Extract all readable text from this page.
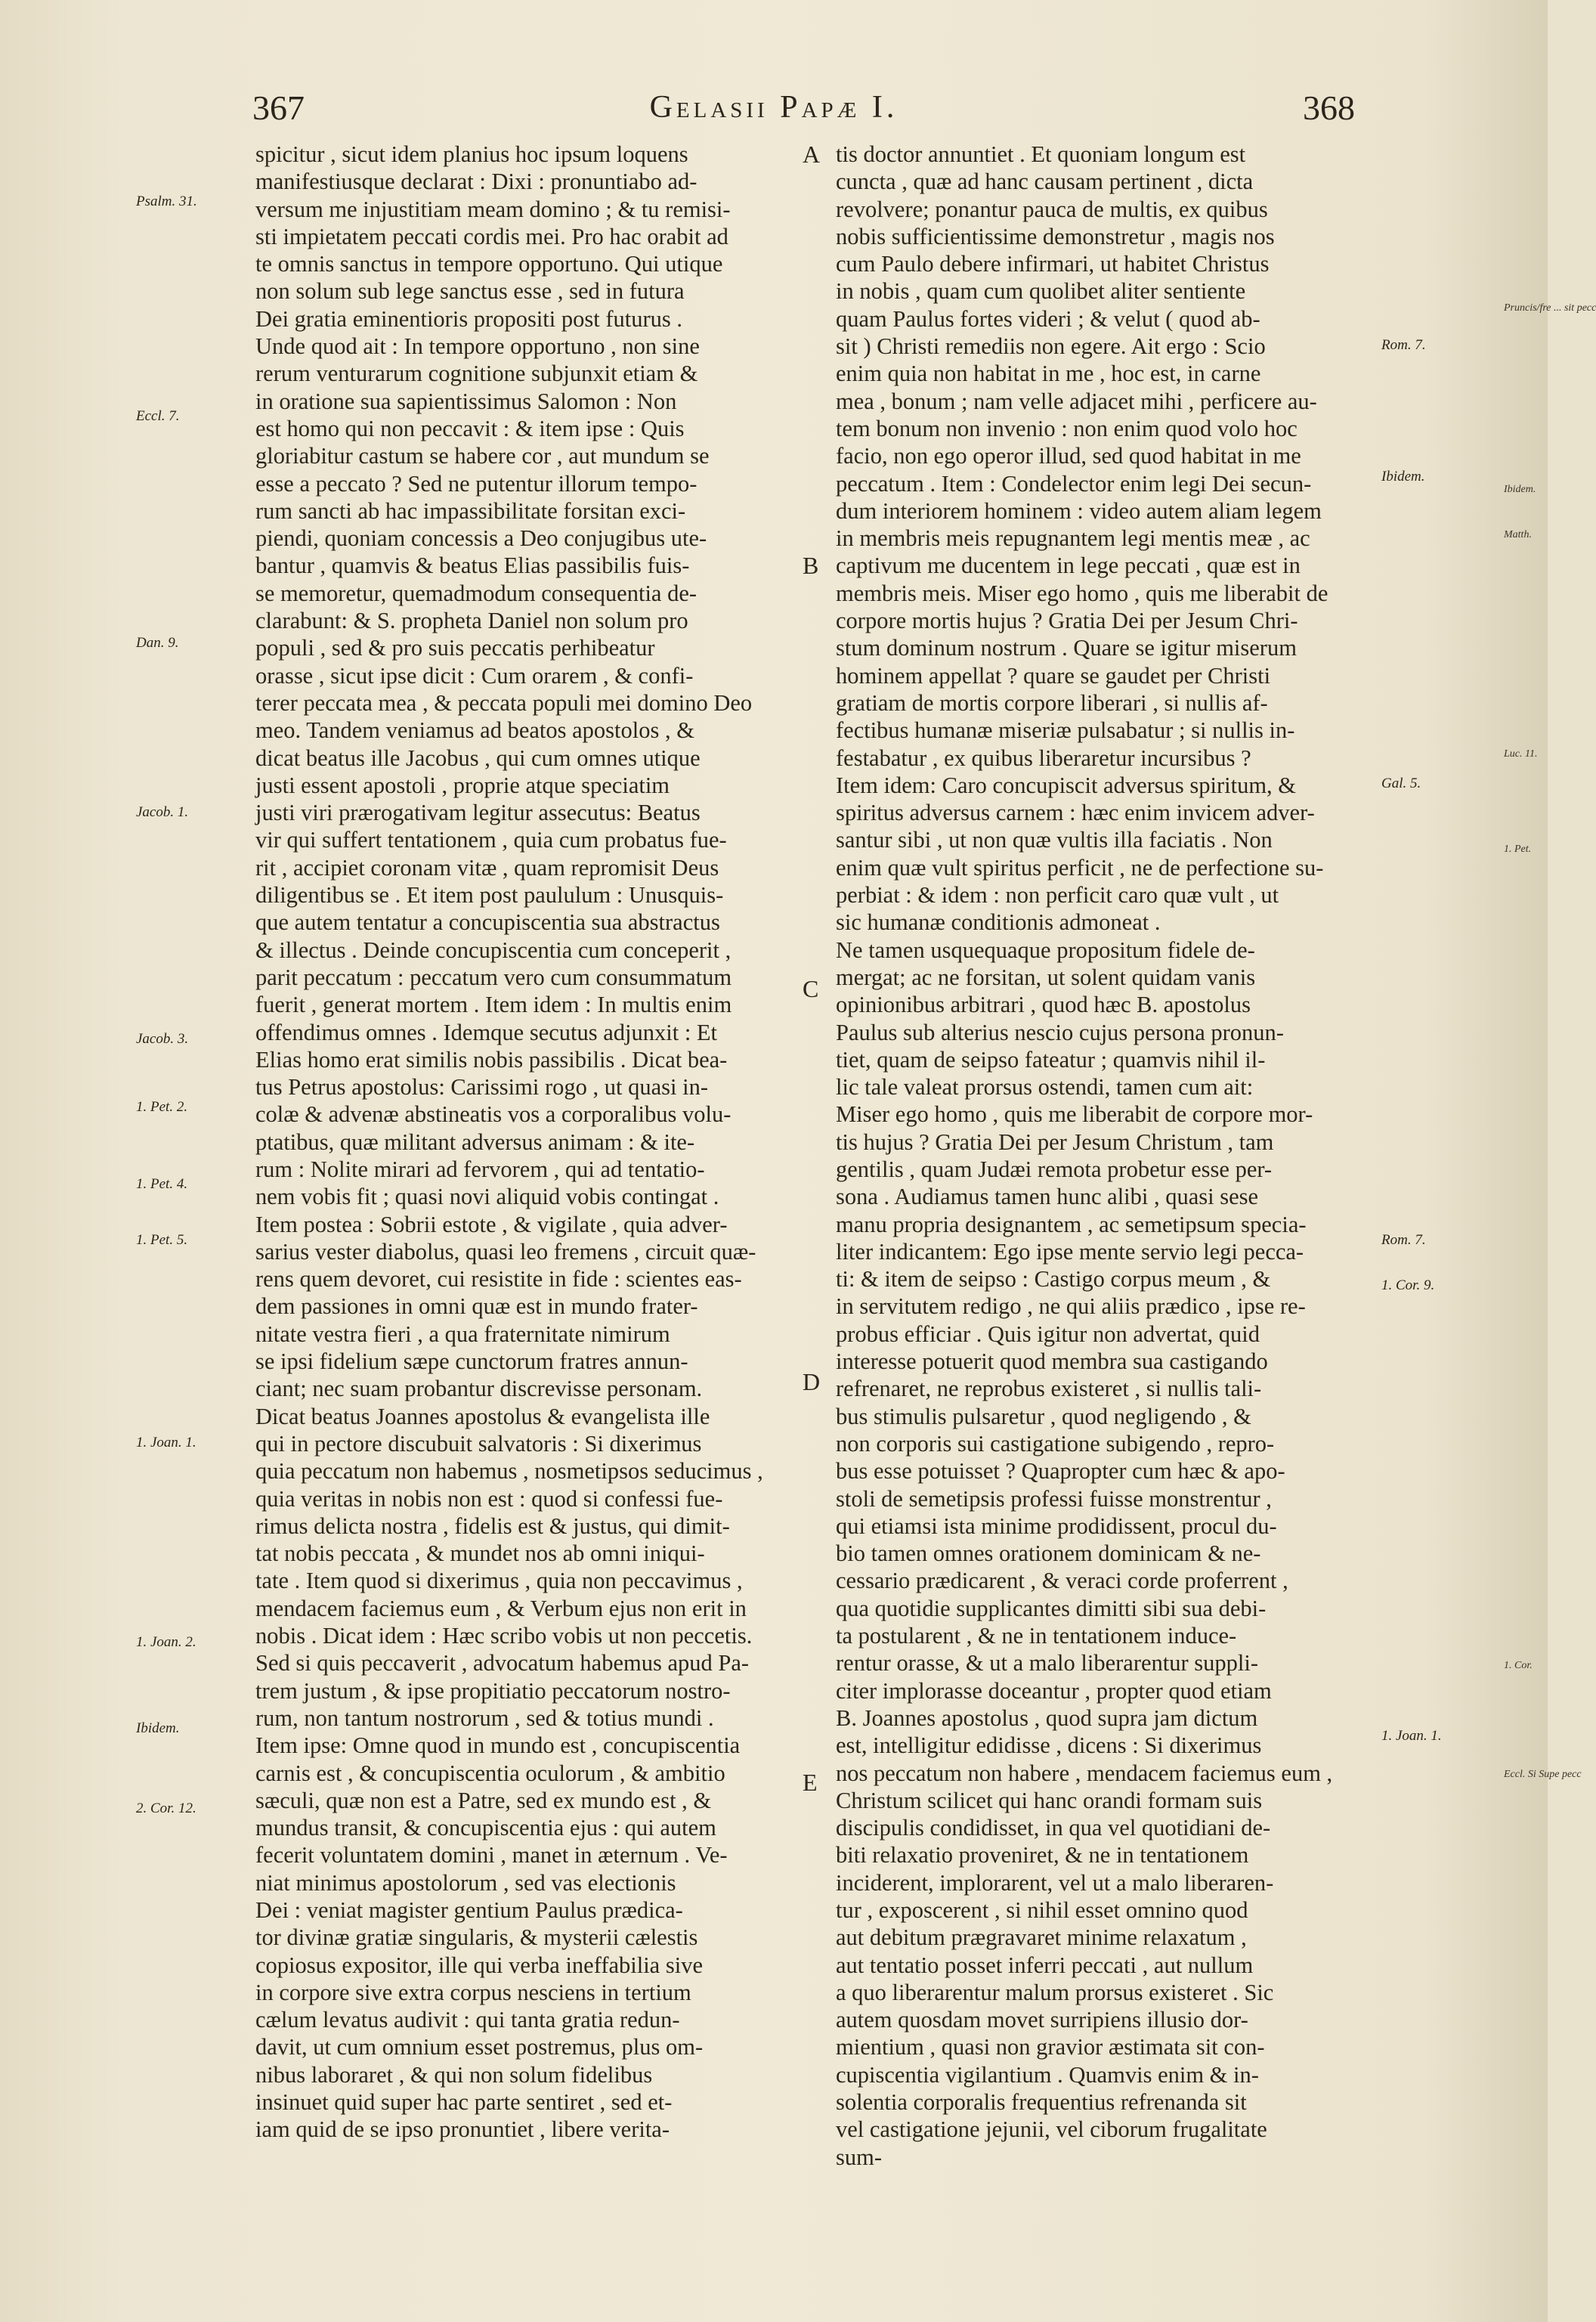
367	Gelasii Papæ I.	368
spicitur , sicut idem planius hoc ipsum loquens
manifestiusque declarat : Dixi : pronuntiabo ad-
versum me injustitiam meam domino ; & tu remisi-
sti impietatem peccati cordis mei. Pro hac orabit ad
te omnis sanctus in tempore opportuno. Qui utique
non solum sub lege sanctus esse , sed in futura
Dei gratia eminentioris propositi post futurus .
Unde quod ait : In tempore opportuno , non sine
rerum venturarum cognitione subjunxit etiam &
in oratione sua sapientissimus Salomon : Non
est homo qui non peccavit : & item ipse : Quis
gloriabitur castum se habere cor , aut mundum se
esse a peccato ? Sed ne putentur illorum tempo-
rum sancti ab hac impassibilitate forsitan exci-
piendi, quoniam concessis a Deo conjugibus ute-
bantur , quamvis & beatus Elias passibilis fuis-
se memoretur, quemadmodum consequentia de-
clarabunt: & S. propheta Daniel non solum pro
populi , sed & pro suis peccatis perhibeatur
orasse , sicut ipse dicit : Cum orarem , & confi-
terer peccata mea , & peccata populi mei domino Deo
meo. Tandem veniamus ad beatos apostolos , &
dicat beatus ille Jacobus , qui cum omnes utique
justi essent apostoli , proprie atque speciatim
justi viri prærogativam legitur assecutus: Beatus
vir qui suffert tentationem , quia cum probatus fue-
rit , accipiet coronam vitæ , quam repromisit Deus
diligentibus se . Et item post paululum : Unusquis-
que autem tentatur a concupiscentia sua abstractus
& illectus . Deinde concupiscentia cum conceperit ,
parit peccatum : peccatum vero cum consummatum
fuerit , generat mortem . Item idem : In multis enim
offendimus omnes . Idemque secutus adjunxit : Et
Elias homo erat similis nobis passibilis . Dicat bea-
tus Petrus apostolus: Carissimi rogo , ut quasi in-
colæ & advenæ abstineatis vos a corporalibus volu-
ptatibus, quæ militant adversus animam : & ite-
rum : Nolite mirari ad fervorem , qui ad tentatio-
nem vobis fit ; quasi novi aliquid vobis contingat .
Item postea : Sobrii estote , & vigilate , quia adver-
sarius vester diabolus, quasi leo fremens , circuit quæ-
rens quem devoret, cui resistite in fide : scientes eas-
dem passiones in omni quæ est in mundo frater-
nitate vestra fieri , a qua fraternitate nimirum
se ipsi fidelium sæpe cunctorum fratres annun-
ciant; nec suam probantur discrevisse personam.
Dicat beatus Joannes apostolus & evangelista ille
qui in pectore discubuit salvatoris : Si dixerimus
quia peccatum non habemus , nosmetipsos seducimus ,
quia veritas in nobis non est : quod si confessi fue-
rimus delicta nostra , fidelis est & justus, qui dimit-
tat nobis peccata , & mundet nos ab omni iniqui-
tate . Item quod si dixerimus , quia non peccavimus ,
mendacem faciemus eum , & Verbum ejus non erit in
nobis . Dicat idem : Hæc scribo vobis ut non peccetis.
Sed si quis peccaverit , advocatum habemus apud Pa-
trem justum , & ipse propitiatio peccatorum nostro-
rum, non tantum nostrorum , sed & totius mundi .
Item ipse: Omne quod in mundo est , concupiscentia
carnis est , & concupiscentia oculorum , & ambitio
sæculi, quæ non est a Patre, sed ex mundo est , &
mundus transit, & concupiscentia ejus : qui autem
fecerit voluntatem domini , manet in æternum . Ve-
niat minimus apostolorum , sed vas electionis
Dei : veniat magister gentium Paulus prædica-
tor divinæ gratiæ singularis, & mysterii cælestis
copiosus expositor, ille qui verba ineffabilia sive
in corpore sive extra corpus nesciens in tertium
cælum levatus audivit : qui tanta gratia redun-
davit, ut cum omnium esset postremus, plus om-
nibus laboraret , & qui non solum fidelibus
insinuet quid super hac parte sentiret , sed et-
iam quid de se ipso pronuntiet , libere verita-
tis doctor annuntiet . Et quoniam longum est
cuncta , quæ ad hanc causam pertinent , dicta
revolvere; ponantur pauca de multis, ex quibus
nobis sufficientissime demonstretur , magis nos
cum Paulo debere infirmari, ut habitet Christus
in nobis , quam cum quolibet aliter sentiente
quam Paulus fortes videri ; & velut ( quod ab-
sit ) Christi remediis non egere. Ait ergo : Scio
enim quia non habitat in me , hoc est, in carne
mea , bonum ; nam velle adjacet mihi , perficere au-
tem bonum non invenio : non enim quod volo hoc
facio, non ego operor illud, sed quod habitat in me
peccatum . Item : Condelector enim legi Dei secun-
dum interiorem hominem : video autem aliam legem
in membris meis repugnantem legi mentis meæ , ac
captivum me ducentem in lege peccati , quæ est in
membris meis. Miser ego homo , quis me liberabit de
corpore mortis hujus ? Gratia Dei per Jesum Chri-
stum dominum nostrum . Quare se igitur miserum
hominem appellat ? quare se gaudet per Christi
gratiam de mortis corpore liberari , si nullis af-
fectibus humanæ miseriæ pulsabatur ; si nullis in-
festabatur , ex quibus liberaretur incursibus ?
Item idem: Caro concupiscit adversus spiritum, &
spiritus adversus carnem : hæc enim invicem adver-
santur sibi , ut non quæ vultis illa faciatis . Non
enim quæ vult spiritus perficit , ne de perfectione su-
perbiat : & idem : non perficit caro quæ vult , ut
sic humanæ conditionis admoneat .
Ne tamen usquequaque propositum fidele de-
mergat; ac ne forsitan, ut solent quidam vanis
opinionibus arbitrari , quod hæc B. apostolus
Paulus sub alterius nescio cujus persona pronun-
tiet, quam de seipso fateatur ; quamvis nihil il-
lic tale valeat prorsus ostendi, tamen cum ait:
Miser ego homo , quis me liberabit de corpore mor-
tis hujus ? Gratia Dei per Jesum Christum , tam
gentilis , quam Judæi remota probetur esse per-
sona . Audiamus tamen hunc alibi , quasi sese
manu propria designantem , ac semetipsum specia-
liter indicantem: Ego ipse mente servio legi pecca-
ti: & item de seipso : Castigo corpus meum , &
in servitutem redigo , ne qui aliis prædico , ipse re-
probus efficiar . Quis igitur non advertat, quid
interesse potuerit quod membra sua castigando
refrenaret, ne reprobus existeret , si nullis tali-
bus stimulis pulsaretur , quod negligendo , &
non corporis sui castigatione subigendo , repro-
bus esse potuisset ? Quapropter cum hæc & apo-
stoli de semetipsis professi fuisse monstrentur ,
qui etiamsi ista minime prodidissent, procul du-
bio tamen omnes orationem dominicam & ne-
cessario prædicarent , & veraci corde proferrent ,
qua quotidie supplicantes dimitti sibi sua debi-
ta postularent , & ne in tentationem induce-
rentur orasse, & ut a malo liberarentur suppli-
citer implorasse doceantur , propter quod etiam
B. Joannes apostolus , quod supra jam dictum
est, intelligitur edidisse , dicens : Si dixerimus
nos peccatum non habere , mendacem faciemus eum ,
Christum scilicet qui hanc orandi formam suis
discipulis condidisset, in qua vel quotidiani de-
biti relaxatio proveniret, & ne in tentationem
inciderent, implorarent, vel ut a malo liberaren-
tur , exposcerent , si nihil esset omnino quod
aut debitum prægravaret minime relaxatum ,
aut tentatio posset inferri peccati , aut nullum
a quo liberarentur malum prorsus existeret . Sic
autem quosdam movet surripiens illusio dor-
mientium , quasi non gravior æstimata sit con-
cupiscentia vigilantium . Quamvis enim & in-
solentia corporalis frequentius refrenanda sit
vel castigatione jejunii, vel ciborum frugalitate
sum-
A
B
C
D
E
Psalm. 31.
Eccl. 7.
Dan. 9.
Jacob. 1.
Jacob. 3.
1. Pet. 2.
1. Pet. 4.
1. Pet. 5.
1. Joan. 1.
1. Joan. 2.
Ibidem.
2. Cor. 12.
Rom. 7.
Ibidem.
Gal. 5.
Rom. 7.
1. Cor. 9.
1. Joan. 1.
Pruncis/fre ... sit pecc
Ibidem.
Matth.
Luc. 11.
1. Pet.
1. Cor.
Eccl. Si Supe pecc
